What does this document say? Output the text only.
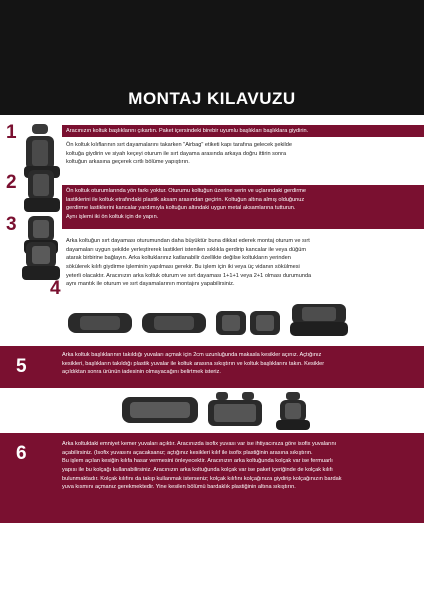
MONTAJ KILAVUZU
1	Aracınızın koltuk başlıklarını çıkartın. Paket içersindeki birebir uyumlu başlıkları başlıklara giydirin.
Ön koltuk kılıflarının sırt dayamalarını takarken "Airbag" etiketi kapı tarafına gelecek şekilde
koltuğa giydirin ve siyah keçeyi oturum ile sırt dayama arasında arkaya doğru ittirin sonra
koltuğun arkasına geçerek cırtlı bölüme yapıştırın.
2	Ön koltuk oturumlarında yön farkı yoktur. Oturumu koltuğun üzerine serin ve uçlarındaki gerdirme
lastiklerini ile koltuk etrafındaki plastik aksam arasından geçirin. Koltuğun altına almış olduğunuz
gerdirme lastiklerini kancalar yardımıyla koltuğun altındaki uygun metal aksamlarına tutturun.
Aynı işlemi iki ön koltuk için de yapın.
3
4
Arka koltuğun sırt dayaması oturumundan daha büyüktür buna dikkat ederek montaj oturum ve sırt
dayamaları uygun şekilde yerleştirerek lastikleri istenilen sıklıkla gerdirip kancalar ile veya düğüm
atarak birbirine bağlayın. Arka koltuklarınız katlanabilir özellikte değilse koltukların yerinden
sökülerek kılıfı giydirme işleminin yapılması gerekir. Bu işlem için iki veya üç vidanın sökülmesi
yeterli olacaktır. Aracınızın arka koltuk oturum ve sırt dayaması 1+1+1 veya 2+1 olması durumunda
aynı mantık ile oturum ve sırt dayamalarının montajını yapabilirsiniz.
5
Arka koltuk başlıklarının takıldığı yuvaları açmak için 2cm uzunluğunda makasla kesikler açınız. Açtığınız
kesikleri, başlıkların takıldığı plastik yuvalar ile koltuk arasına sıkıştırın ve koltuk başlıklarını takın. Kesikler
açıldıktan sonra ürünün iadesinin olmayacağını belirtmek isteriz.
6	Arka koltuktaki emniyet kemer yuvaları açıktır. Aracınızda isofix yuvası var ise ihtiyacınıza göre isofix yuvalarını
açabilirsiniz. (Isofix yuvasını açacaksanız; açtığınız kesikleri kılıf ile isofix plastiğinin arasına sıkıştırın.
Bu işlem açılan kesiğin kılıfa hasar vermesini önleyecektir. Aracınızın arka koltuğunda kolçak var ise fermuarlı
yapısı ile bu kolçağı kullanabilirsiniz. Aracınızın arka koltuğunda kolçak var ise paket içeriğinde de kolçak kılıfı
bulunmaktadır. Kolçak kılıfını da takıp kullanmak isterseniz; kolçak kılıfını kolçağınıza giydirip kolçağınızın bardak
yuva kısmını açmanız gerekmektedir. Yine kesilen bölümü bardaklık plastiğinin altına sıkıştırın.
